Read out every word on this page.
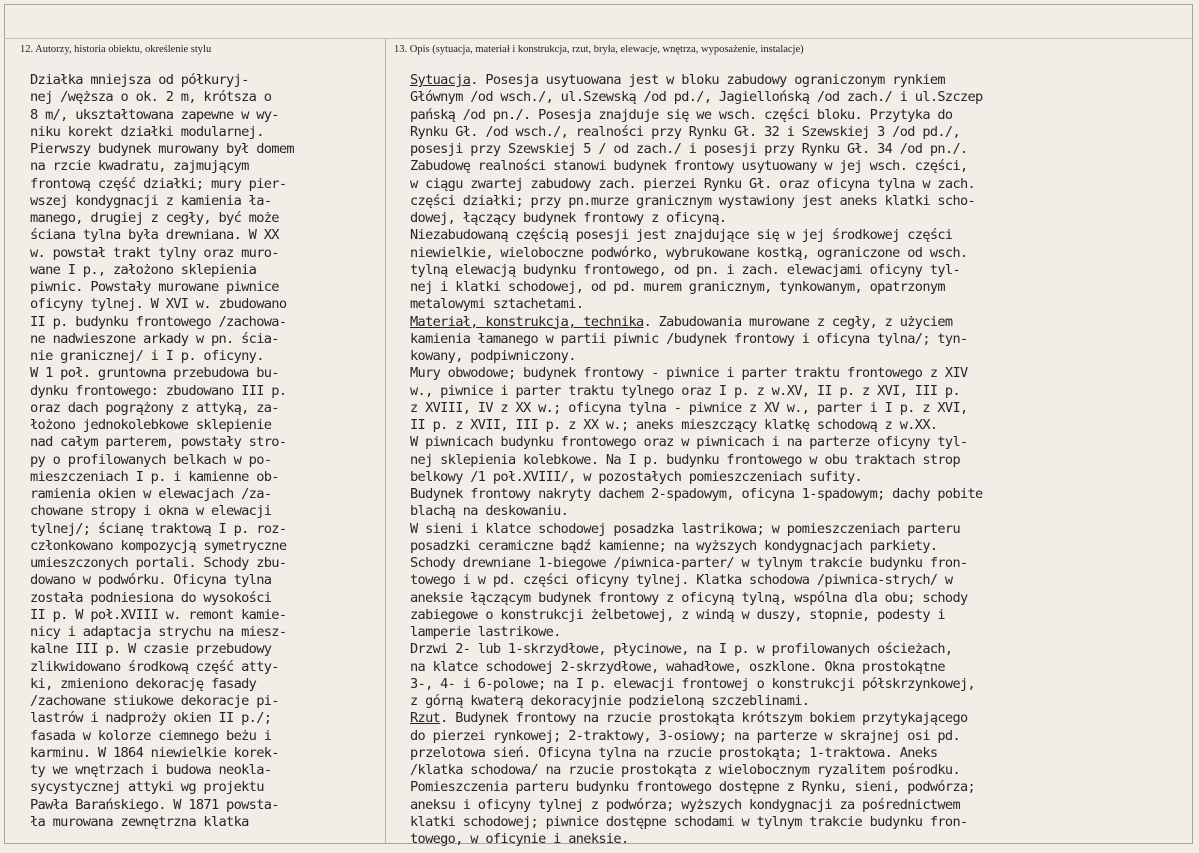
12. Autorzy, historia obiektu, określenie stylu	13. Opis (sytuacja, materiał i konstrukcja, rzut, bryła, elewacje, wnętrza, wyposażenie, instalacje)
Działka mniejsza od półkuryj-
nej /węższa o ok. 2 m, krótsza o
8 m/, ukształtowana zapewne w wy-
niku korekt działki modularnej.
Pierwszy budynek murowany był domem
na rzcie kwadratu, zajmującym
frontową część działki; mury pier-
wszej kondygnacji z kamienia ła-
manego, drugiej z cegły, być może
ściana tylna była drewniana. W XX
w. powstał trakt tylny oraz muro-
wane I p., założono sklepienia
piwnic. Powstały murowane piwnice
oficyny tylnej. W XVI w. zbudowano
II p. budynku frontowego /zachowa-
ne nadwieszone arkady w pn. ścia-
nie granicznej/ i I p. oficyny.
W 1 poł. gruntowna przebudowa bu-
dynku frontowego: zbudowano III p.
oraz dach pogrążony z attyką, za-
łożono jednokolebkowe sklepienie
nad całym parterem, powstały stro-
py o profilowanych belkach w po-
mieszczeniach I p. i kamienne ob-
ramienia okien w elewacjach /za-
chowane stropy i okna w elewacji
tylnej/; ścianę traktową I p. roz-
członkowano kompozycją symetryczne
umieszczonych portali. Schody zbu-
dowano w podwórku. Oficyna tylna
została podniesiona do wysokości
II p. W poł.XVIII w. remont kamie-
nicy i adaptacja strychu na miesz-
kalne III p. W czasie przebudowy
zlikwidowano środkową część atty-
ki, zmieniono dekorację fasady
/zachowane stiukowe dekoracje pi-
lastrów i nadproży okien II p./;
fasada w kolorze ciemnego beżu i
karminu. W 1864 niewielkie korek-
ty we wnętrzach i budowa neokla-
sycystycznej attyki wg projektu
Pawła Barańskiego. W 1871 powsta-
ła murowana zewnętrzna klatka
Sytuacja. Posesja usytuowana jest w bloku zabudowy ograniczonym rynkiem
Głównym /od wsch./, ul.Szewską /od pd./, Jagiellońską /od zach./ i ul.Szczep
pańską /od pn./. Posesja znajduje się we wsch. części bloku. Przytyka do
Rynku Gł. /od wsch./, realności przy Rynku Gł. 32 i Szewskiej 3 /od pd./,
posesji przy Szewskiej 5 / od zach./ i posesji przy Rynku Gł. 34 /od pn./.
Zabudowę realności stanowi budynek frontowy usytuowany w jej wsch. części,
w ciągu zwartej zabudowy zach. pierzei Rynku Gł. oraz oficyna tylna w zach.
części działki; przy pn.murze granicznym wystawiony jest aneks klatki scho-
dowej, łączący budynek frontowy z oficyną.
Niezabudowaną częścią posesji jest znajdujące się w jej środkowej części
niewielkie, wieloboczne podwórko, wybrukowane kostką, ograniczone od wsch.
tylną elewacją budynku frontowego, od pn. i zach. elewacjami oficyny tyl-
nej i klatki schodowej, od pd. murem granicznym, tynkowanym, opatrzonym
metalowymi sztachetami.
Materiał, konstrukcja, technika. Zabudowania murowane z cegły, z użyciem
kamienia łamanego w partii piwnic /budynek frontowy i oficyna tylna/; tyn-
kowany, podpiwniczony.
Mury obwodowe; budynek frontowy - piwnice i parter traktu frontowego z XIV
w., piwnice i parter traktu tylnego oraz I p. z w.XV, II p. z XVI, III p.
z XVIII, IV z XX w.; oficyna tylna - piwnice z XV w., parter i I p. z XVI,
II p. z XVII, III p. z XX w.; aneks mieszczący klatkę schodową z w.XX.
W piwnicach budynku frontowego oraz w piwnicach i na parterze oficyny tyl-
nej sklepienia kolebkowe. Na I p. budynku frontowego w obu traktach strop
belkowy /1 poł.XVIII/, w pozostałych pomieszczeniach sufity.
Budynek frontowy nakryty dachem 2-spadowym, oficyna 1-spadowym; dachy pobite
blachą na deskowaniu.
W sieni i klatce schodowej posadzka lastrikowa; w pomieszczeniach parteru
posadzki ceramiczne bądź kamienne; na wyższych kondygnacjach parkiety.
Schody drewniane 1-biegowe /piwnica-parter/ w tylnym trakcie budynku fron-
towego i w pd. części oficyny tylnej. Klatka schodowa /piwnica-strych/ w
aneksie łączącym budynek frontowy z oficyną tylną, wspólna dla obu; schody
zabiegowe o konstrukcji żelbetowej, z windą w duszy, stopnie, podesty i
lamperie lastrikowe.
Drzwi 2- lub 1-skrzydłowe, płycinowe, na I p. w profilowanych ościeżach,
na klatce schodowej 2-skrzydłowe, wahadłowe, oszklone. Okna prostokątne
3-, 4- i 6-polowe; na I p. elewacji frontowej o konstrukcji półskrzynkowej,
z górną kwaterą dekoracyjnie podzieloną szczeblinami.
Rzut. Budynek frontowy na rzucie prostokąta krótszym bokiem przytykającego
do pierzei rynkowej; 2-traktowy, 3-osiowy; na parterze w skrajnej osi pd.
przelotowa sień. Oficyna tylna na rzucie prostokąta; 1-traktowa. Aneks
/klatka schodowa/ na rzucie prostokąta z wielobocznym ryzalitem pośrodku.
Pomieszczenia parteru budynku frontowego dostępne z Rynku, sieni, podwórza;
aneksu i oficyny tylnej z podwórza; wyższych kondygnacji za pośrednictwem
klatki schodowej; piwnice dostępne schodami w tylnym trakcie budynku fron-
towego, w oficynie i aneksie.
